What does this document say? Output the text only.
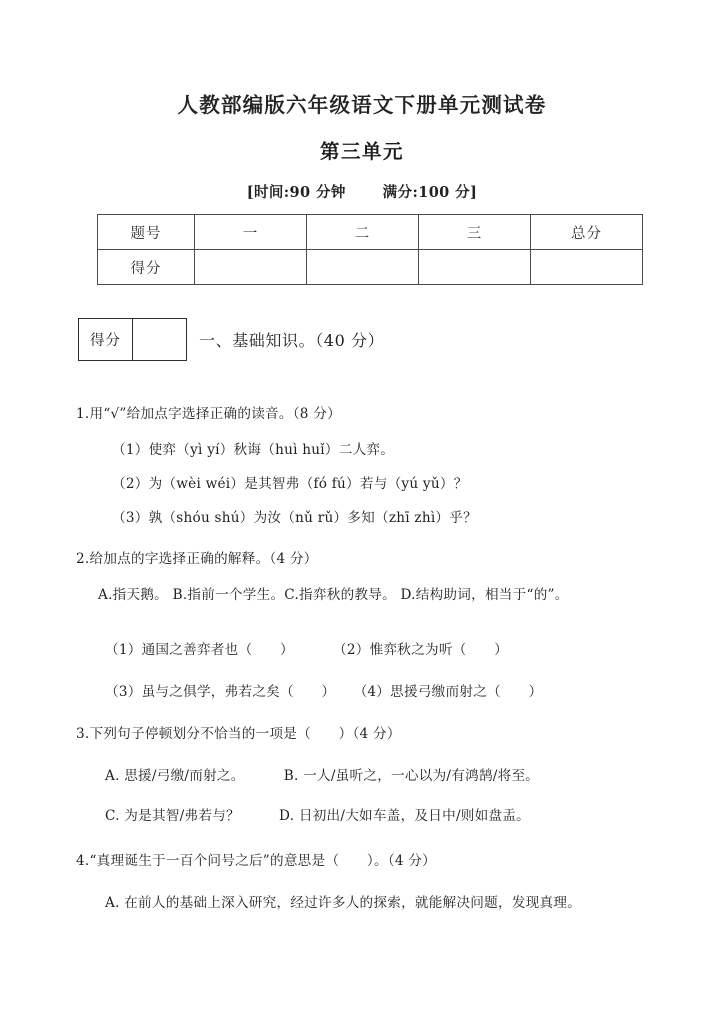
人教部编版六年级语文下册单元测试卷
第三单元
[时间:90 分钟	满分:100 分]
题号	一	二	三	总分
得分				
得分		一、基础知识。（40 分）
1.用“√”给加点字选择正确的读音。（8 分）
（1）使弈（yì yí）秋诲（huì huǐ）二人弈。
（2）为（wèi wéi）是其智弗（fó fú）若与（yú yǔ）？
（3）孰（shóu shú）为汝（nǔ rǔ）多知（zhī zhì）乎？
2.给加点的字选择正确的解释。（4 分）
A.指天鹅。 B.指前一个学生。C.指弈秋的教导。 D.结构助词，相当于“的”。
（1）通国之善弈者也（　　）	（2）惟弈秋之为听（　　）
（3）虽与之俱学，弗若之矣（　　） （4）思援弓缴而射之（　　）
3.下列句子停顿划分不恰当的一项是（　　）（4 分）
A. 思援/弓缴/而射之。	B. 一人/虽听之，一心以为/有鸿鹄/将至。
C. 为是其智/弗若与？	D. 日初出/大如车盖，及日中/则如盘盂。
4.“真理诞生于一百个问号之后”的意思是（　　）。（4 分）
A. 在前人的基础上深入研究，经过许多人的探索，就能解决问题，发现真理。
